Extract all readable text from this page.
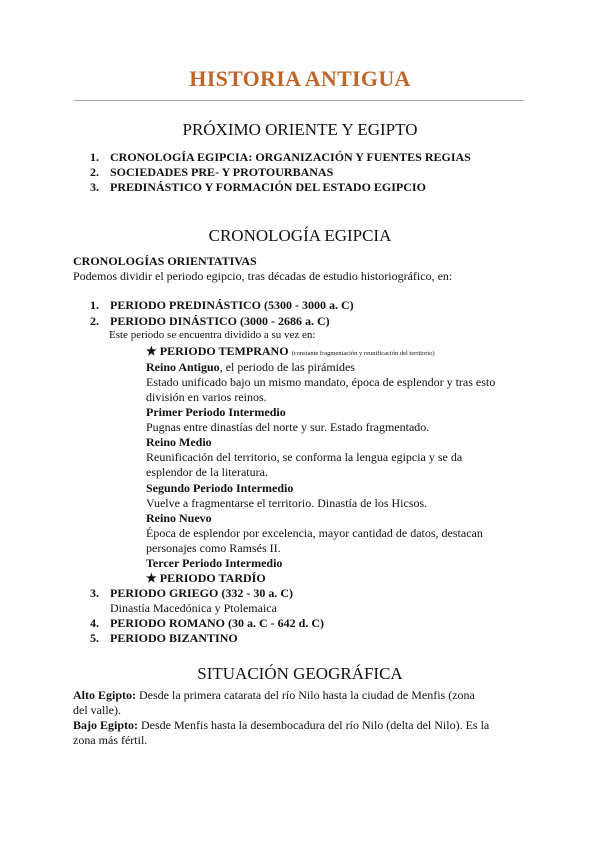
HISTORIA ANTIGUA
PRÓXIMO ORIENTE Y EGIPTO
1. CRONOLOGÍA EGIPCIA: ORGANIZACIÓN Y FUENTES REGIAS
2. SOCIEDADES PRE- Y PROTOURBANAS
3. PREDINÁSTICO Y FORMACIÓN DEL ESTADO EGIPCIO
CRONOLOGÍA EGIPCIA
CRONOLOGÍAS ORIENTATIVAS
Podemos dividir el periodo egipcio, tras décadas de estudio historiográfico, en:
1. PERIODO PREDINÁSTICO (5300 - 3000 a. C)
2. PERIODO DINÁSTICO (3000 - 2686 a. C)
Este periodo se encuentra dividido a su vez en:
★ PERIODO TEMPRANO (constante fragmentación y reunificación del territorio)
Reino Antiguo, el periodo de las pirámides
Estado unificado bajo un mismo mandato, época de esplendor y tras esto
división en varios reinos.
Primer Periodo Intermedio
Pugnas entre dinastías del norte y sur. Estado fragmentado.
Reino Medio
Reunificación del territorio, se conforma la lengua egipcia y se da
esplendor de la literatura.
Segundo Periodo Intermedio
Vuelve a fragmentarse el territorio. Dinastía de los Hicsos.
Reino Nuevo
Época de esplendor por excelencia, mayor cantidad de datos, destacan
personajes como Ramsés II.
Tercer Periodo Intermedio
★ PERIODO TARDÍO
3. PERIODO GRIEGO (332 - 30 a. C)
Dinastía Macedónica y Ptolemaica
4. PERIODO ROMANO (30 a. C - 642 d. C)
5. PERIODO BIZANTINO
SITUACIÓN GEOGRÁFICA
Alto Egipto: Desde la primera catarata del río Nilo hasta la ciudad de Menfis (zona
del valle).
Bajo Egipto: Desde Menfis hasta la desembocadura del río Nilo (delta del Nilo). Es la
zona más fértil.
